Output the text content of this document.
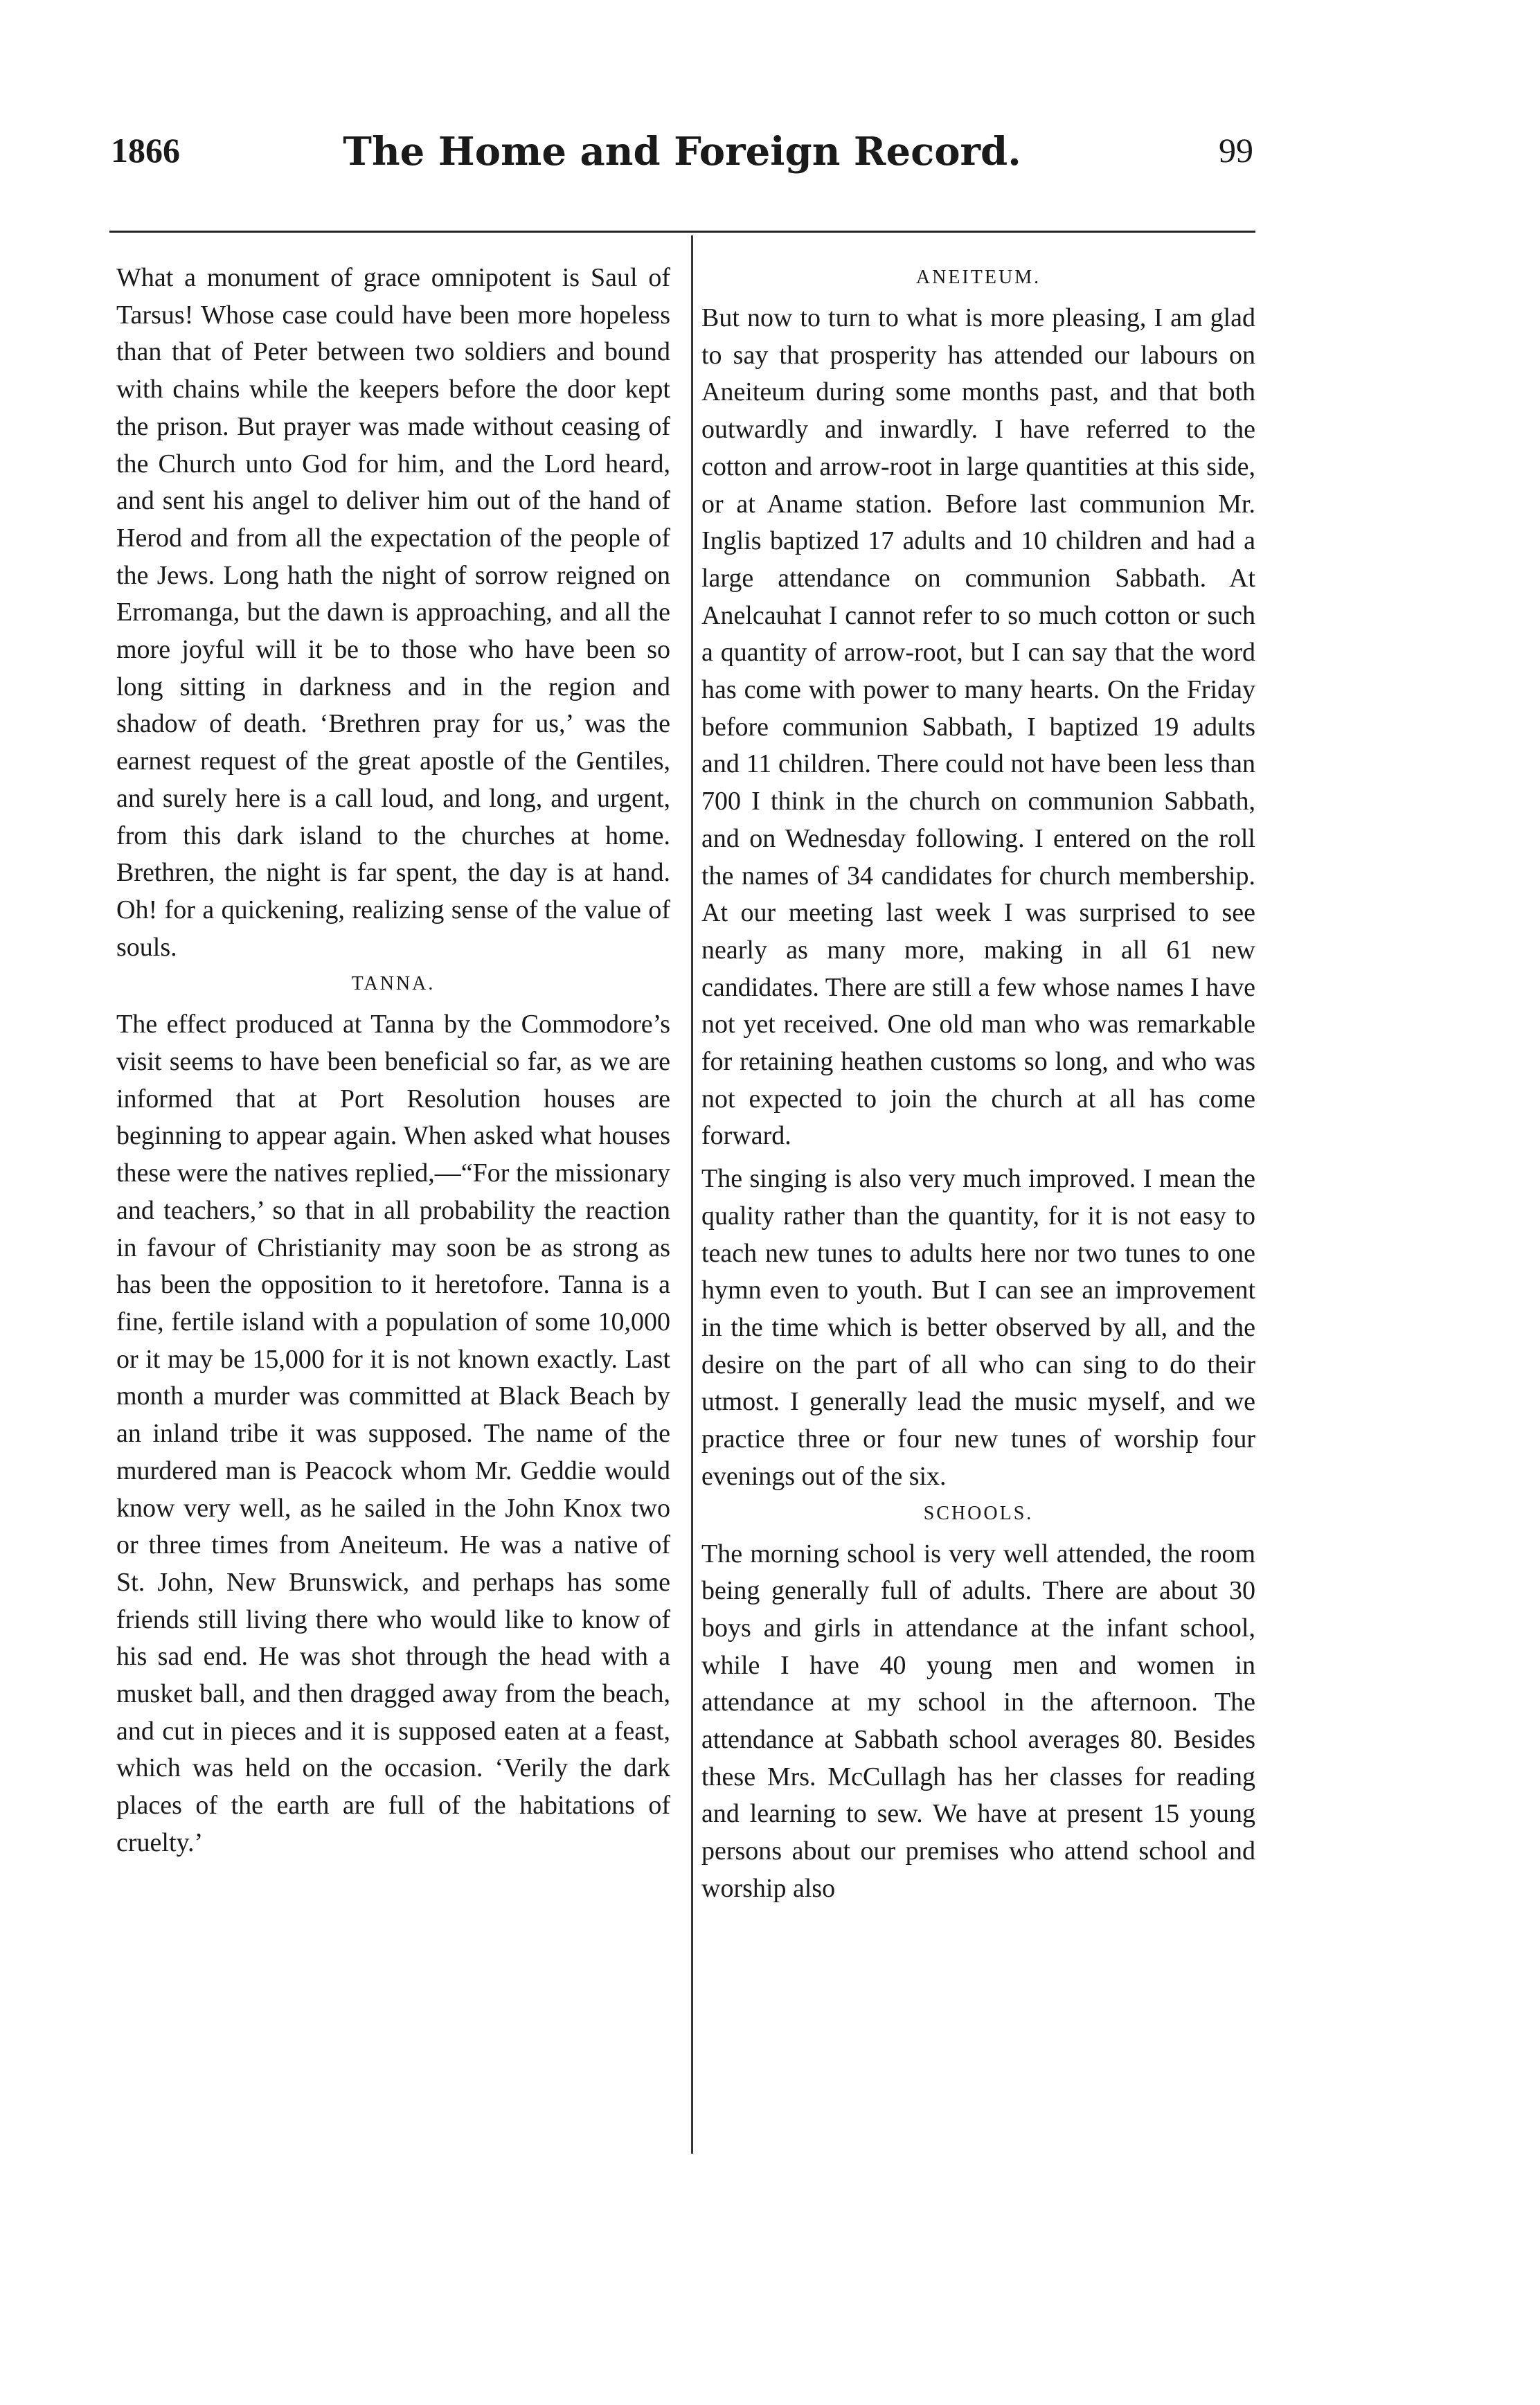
1866	The Home and Foreign Record.	99

What a monument of grace omnipotent is Saul of Tarsus! Whose case could have been more hopeless than that of Peter between two soldiers and bound with chains while the keepers before the door kept the prison. But prayer was made without ceasing of the Church unto God for him, and the Lord heard, and sent his angel to deliver him out of the hand of Herod and from all the expectation of the people of the Jews. Long hath the night of sorrow reigned on Erromanga, but the dawn is approaching, and all the more joyful will it be to those who have been so long sitting in darkness and in the region and shadow of death. ‘Brethren pray for us,’ was the earnest request of the great apostle of the Gentiles, and surely here is a call loud, and long, and urgent, from this dark island to the churches at home. Brethren, the night is far spent, the day is at hand. Oh! for a quickening, realizing sense of the value of souls.

TANNA.

The effect produced at Tanna by the Commodore’s visit seems to have been beneficial so far, as we are informed that at Port Resolution houses are beginning to appear again. When asked what houses these were the natives replied,—“For the missionary and teachers,’ so that in all probability the reaction in favour of Christianity may soon be as strong as has been the opposition to it heretofore. Tanna is a fine, fertile island with a population of some 10,000 or it may be 15,000 for it is not known exactly. Last month a murder was committed at Black Beach by an inland tribe it was supposed. The name of the murdered man is Peacock whom Mr. Geddie would know very well, as he sailed in the John Knox two or three times from Aneiteum. He was a native of St. John, New Brunswick, and perhaps has some friends still living there who would like to know of his sad end. He was shot through the head with a musket ball, and then dragged away from the beach, and cut in pieces and it is supposed eaten at a feast, which was held on the occasion. ‘Verily the dark places of the earth are full of the habitations of cruelty.’

ANEITEUM.

But now to turn to what is more pleasing, I am glad to say that prosperity has attended our labours on Aneiteum during some months past, and that both outwardly and inwardly. I have referred to the cotton and arrow-root in large quantities at this side, or at Aname station. Before last communion Mr. Inglis baptized 17 adults and 10 children and had a large attendance on communion Sabbath. At Anelcauhat I cannot refer to so much cotton or such a quantity of arrow-root, but I can say that the word has come with power to many hearts. On the Friday before communion Sabbath, I baptized 19 adults and 11 children. There could not have been less than 700 I think in the church on communion Sabbath, and on Wednesday following. I entered on the roll the names of 34 candidates for church membership. At our meeting last week I was surprised to see nearly as many more, making in all 61 new candidates. There are still a few whose names I have not yet received. One old man who was remarkable for retaining heathen customs so long, and who was not expected to join the church at all has come forward.

The singing is also very much improved. I mean the quality rather than the quantity, for it is not easy to teach new tunes to adults here nor two tunes to one hymn even to youth. But I can see an improvement in the time which is better observed by all, and the desire on the part of all who can sing to do their utmost. I generally lead the music myself, and we practice three or four new tunes of worship four evenings out of the six.

SCHOOLS.

The morning school is very well attended, the room being generally full of adults. There are about 30 boys and girls in attendance at the infant school, while I have 40 young men and women in attendance at my school in the afternoon. The attendance at Sabbath school averages 80. Besides these Mrs. McCullagh has her classes for reading and learning to sew. We have at present 15 young persons about our premises who attend school and worship also
